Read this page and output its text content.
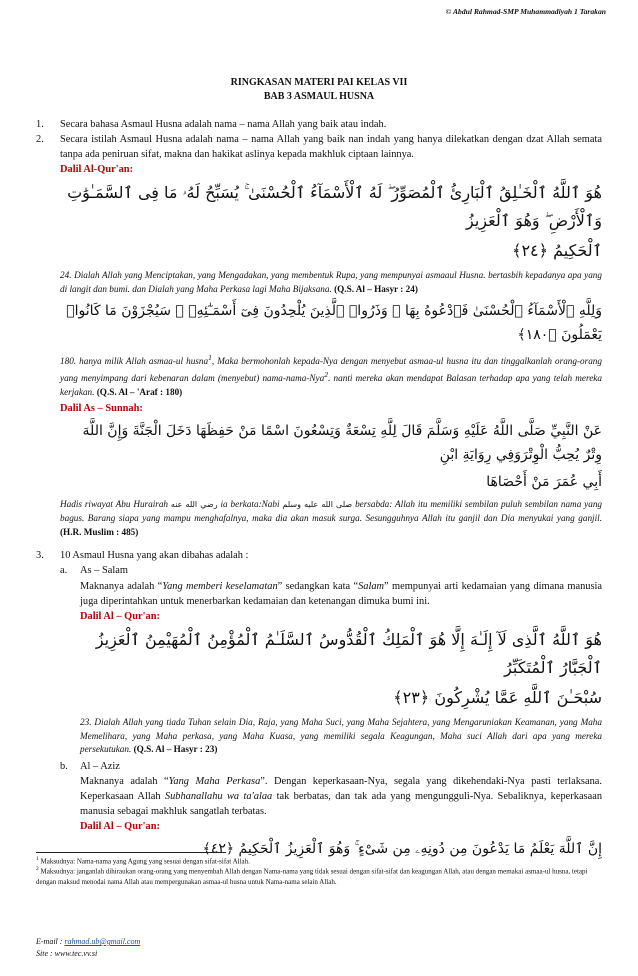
© Abdul Rahmad-SMP Muhammadiyah 1 Tarakan
RINGKASAN MATERI PAI KELAS VII
BAB 3 ASMAUL HUSNA
1.	Secara bahasa Asmaul Husna adalah nama – nama Allah yang baik atau indah.
2.	Secara istilah Asmaul Husna adalah nama – nama Allah yang baik nan indah yang hanya dilekatkan dengan dzat Allah semata tanpa ada peniruan sifat, makna dan hakikat aslinya kepada makhluk ciptaan lainnya.
Dalil Al-Qur'an:
هُوَ ٱللَّهُ ٱلْخَـٰلِقُ ٱلْبَارِئُ ٱلْمُصَوِّرُ ۖ لَهُ ٱلْأَسْمَآءُ ٱلْحُسْنَىٰ ۚ يُسَبِّحُ لَهُۥ مَا فِى ٱلسَّمَـٰوَٰتِ وَٱلْأَرْضِ ۖ وَهُوَ ٱلْعَزِيزُ
ٱلْحَكِيمُ ﴿٢٤﴾
24. Dialah Allah yang Menciptakan, yang Mengadakan, yang membentuk Rupa, yang mempunyai asmaaul Husna. bertasbih kepadanya apa yang di langit dan bumi. dan Dialah yang Maha Perkasa lagi Maha Bijaksana. (Q.S. Al – Hasyr : 24)
وَلِلَّهِ ٱلْأَسْمَآءُ ٱلْحُسْنَىٰ فَٱدْعُوهُ بِهَا ۖ وَذَرُوا۟ ٱلَّذِينَ يُلْحِدُونَ فِىٓ أَسْمَـٰٓئِهِۦ ۚ سَيُجْزَوْنَ مَا كَانُوا۟ يَعْمَلُونَ ﴿١٨٠﴾
180. hanya milik Allah asmaa-ul husna$^1$, Maka bermohonlah kepada-Nya dengan menyebut asmaa-ul husna itu dan tinggalkanlah orang-orang yang menyimpang dari kebenaran dalam (menyebut) nama-nama-Nya$^2$. nanti mereka akan mendapat Balasan terhadap apa yang telah mereka kerjakan. (Q.S. Al – 'Araf : 180)
Dalil As – Sunnah:
عَنْ النَّبِيِّ صَلَّى اللَّهُ عَلَيْهِ وَسَلَّمَ قَالَ لِلَّهِ تِسْعَةٌ وَتِسْعُونَ اسْمًا مَنْ حَفِظَهَا دَخَلَ الْجَنَّةَ وَإِنَّ اللَّهَ وِتْرٌ يُحِبُّ الْوِتْرَوَفِي رِوَايَةِ ابْنِ
أَبِي عُمَرَ مَنْ أَحْصَاهَا
Hadis riwayat Abu Hurairah رضي الله عنه ia berkata:Nabi صلى الله عليه وسلم bersabda: Allah itu memiliki sembilan puluh sembilan nama yang bagus. Barang siapa yang mampu menghafalnya, maka dia akan masuk surga. Sesungguhnya Allah itu ganjil dan Dia menyukai yang ganjil. (H.R. Muslim : 485)
3.	10 Asmaul Husna yang akan dibahas adalah :
a.	As – Salam
Maknanya adalah “Yang memberi keselamatan” sedangkan kata “Salam” mempunyai arti kedamaian yang dimana manusia juga diperintahkan untuk menerbarkan kedamaian dan ketenangan dimuka bumi ini.
Dalil Al – Qur'an:
هُوَ ٱللَّهُ ٱلَّذِى لَآ إِلَـٰهَ إِلَّا هُوَ ٱلْمَلِكُ ٱلْقُدُّوسُ ٱلسَّلَـٰمُ ٱلْمُؤْمِنُ ٱلْمُهَيْمِنُ ٱلْعَزِيزُ ٱلْجَبَّارُ ٱلْمُتَكَبِّرُ
سُبْحَـٰنَ ٱللَّهِ عَمَّا يُشْرِكُونَ ﴿٢٣﴾
23. Dialah Allah yang tiada Tuhan selain Dia, Raja, yang Maha Suci, yang Maha Sejahtera, yang Mengaruniakan Keamanan, yang Maha Memelihara, yang Maha perkasa, yang Maha Kuasa, yang memiliki segala Keagungan, Maha suci Allah dari apa yang mereka persekutukan. (Q.S. Al – Hasyr : 23)
b.	Al – Aziz
Maknanya adalah “Yang Maha Perkasa”. Dengan keperkasaan-Nya, segala yang dikehendaki-Nya pasti terlaksana. Keperkasaan Allah Subhanallahu wa ta'alaa tak berbatas, dan tak ada yang mengungguli-Nya. Sebaliknya, keperkasaan manusia sebagai makhluk sangatlah terbatas.
Dalil Al – Qur'an:
إِنَّ ٱللَّهَ يَعْلَمُ مَا يَدْعُونَ مِن دُونِهِۦ مِن شَىْءٍ ۚ وَهُوَ ٱلْعَزِيزُ ٱلْحَكِيمُ ﴿٤٢﴾
$^1$ Maksudnya: Nama-nama yang Agung yang sesuai dengan sifat-sifat Allah.
$^2$ Maksudnya: janganlah dihiraukan orang-orang yang menyembah Allah dengan Nama-nama yang tidak sesuai dengan sifat-sifat dan keagungan Allah, atau dengan memakai asmaa-ul husna, tetapi dengan maksud menodai nama Allah atau mempergunakan asmaa-ul husna untuk Nama-nama selain Allah.
E-mail : rahmad.ub@gmail.com
Site : www.tec.vv.si
